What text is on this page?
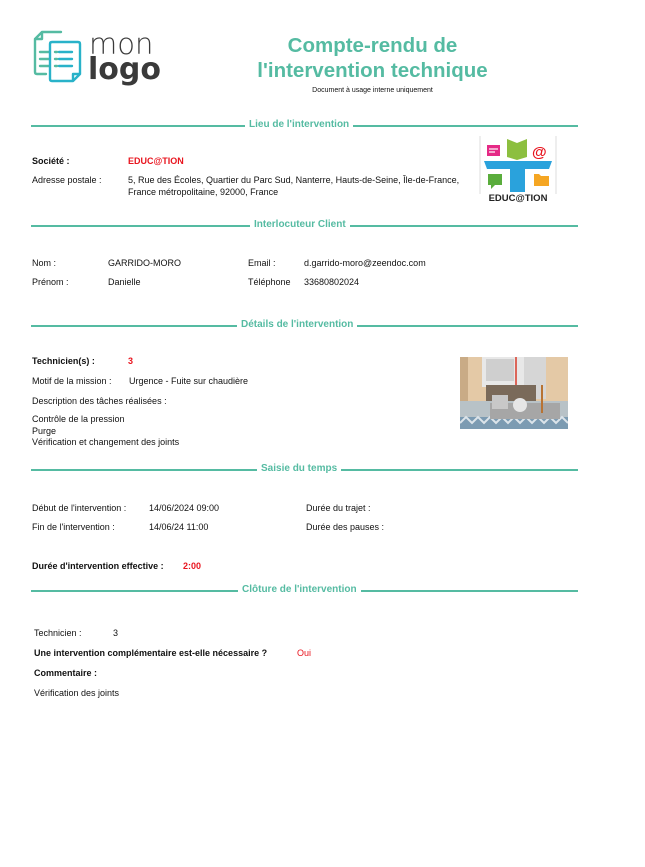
mon
logo
Compte-rendu de
l'intervention technique
Document à usage interne uniquement
Lieu de l'intervention
Société :	EDUC@TION
Adresse postale :	5, Rue des Écoles, Quartier du Parc Sud, Nanterre, Hauts-de-Seine, Île-de-France, France métropolitaine, 92000, France
@
EDUC@TION
Interlocuteur Client
Nom :	GARRIDO-MORO
Prénom :	Danielle
Email :	d.garrido-moro@zeendoc.com
Téléphone 33680802024
Détails de l'intervention
Technicien(s) :	3
Motif de la mission : Urgence - Fuite sur chaudière
Description des tâches réalisées :
Contrôle de la pression
Purge
Vérification et changement des joints
Saisie du temps
Début de l'intervention :	14/06/2024 09:00
Fin de l'intervention :	14/06/24 11:00
Durée du trajet :
Durée des pauses :
Durée d'intervention effective : 2:00
Clôture de l'intervention
Technicien :	3
Une intervention complémentaire est-elle nécessaire ?	Oui
Commentaire :
Vérification des joints
